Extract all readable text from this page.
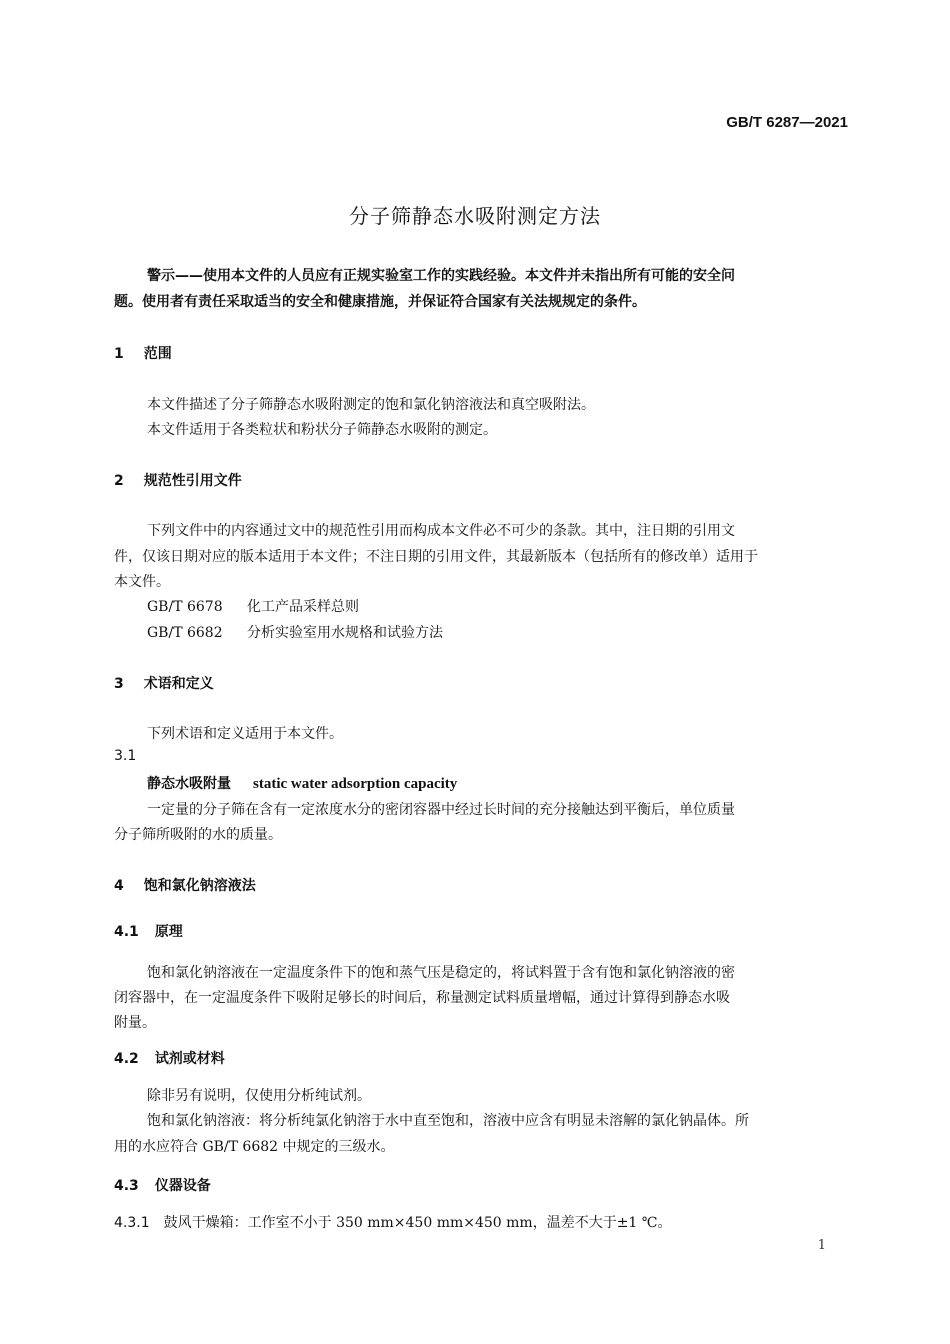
GB/T 6287—2021
分子筛静态水吸附测定方法
警示——使用本文件的人员应有正规实验室工作的实践经验。本文件并未指出所有可能的安全问
题。使用者有责任采取适当的安全和健康措施，并保证符合国家有关法规规定的条件。
1 范围
本文件描述了分子筛静态水吸附测定的饱和氯化钠溶液法和真空吸附法。
本文件适用于各类粒状和粉状分子筛静态水吸附的测定。
2 规范性引用文件
下列文件中的内容通过文中的规范性引用而构成本文件必不可少的条款。其中，注日期的引用文
件，仅该日期对应的版本适用于本文件；不注日期的引用文件，其最新版本（包括所有的修改单）适用于
本文件。
GB/T 6678 化工产品采样总则
GB/T 6682 分析实验室用水规格和试验方法
3 术语和定义
下列术语和定义适用于本文件。
3.1
静态水吸附量 static water adsorption capacity
一定量的分子筛在含有一定浓度水分的密闭容器中经过长时间的充分接触达到平衡后，单位质量
分子筛所吸附的水的质量。
4 饱和氯化钠溶液法
4.1 原理
饱和氯化钠溶液在一定温度条件下的饱和蒸气压是稳定的，将试料置于含有饱和氯化钠溶液的密
闭容器中，在一定温度条件下吸附足够长的时间后，称量测定试料质量增幅，通过计算得到静态水吸
附量。
4.2 试剂或材料
除非另有说明，仅使用分析纯试剂。
饱和氯化钠溶液：将分析纯氯化钠溶于水中直至饱和，溶液中应含有明显未溶解的氯化钠晶体。所
用的水应符合 GB/T 6682 中规定的三级水。
4.3 仪器设备
4.3.1 鼓风干燥箱：工作室不小于 350 mm×450 mm×450 mm，温差不大于±1 ℃。
1
